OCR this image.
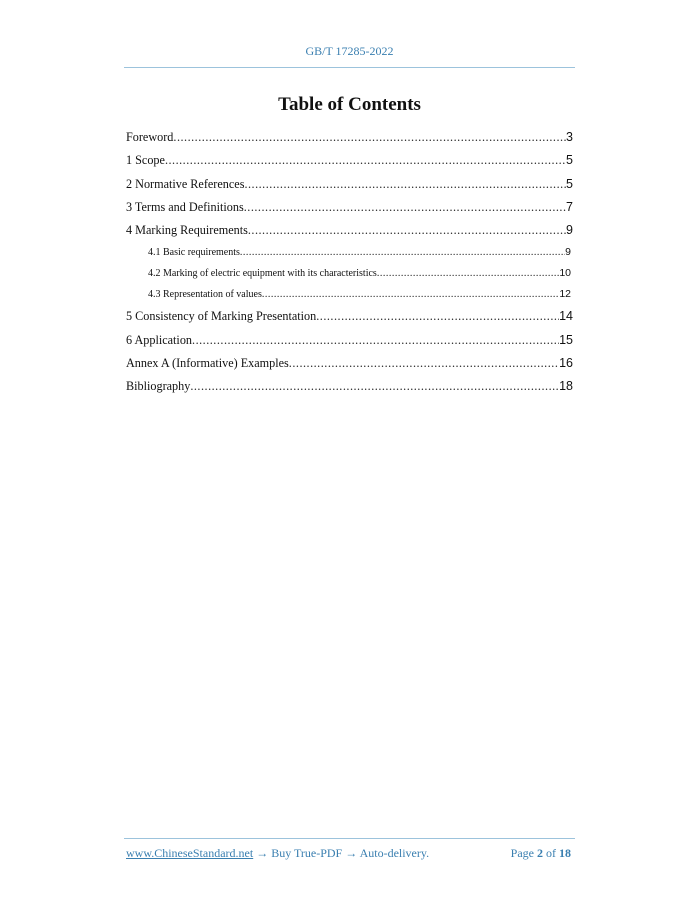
GB/T 17285-2022
Table of Contents
Foreword .....	3
1 Scope .....	5
2 Normative References .....	5
3 Terms and Definitions .....	7
4 Marking Requirements .....	9
4.1 Basic requirements .....	9
4.2 Marking of electric equipment with its characteristics .....	10
4.3 Representation of values .....	12
5 Consistency of Marking Presentation .....	14
6 Application .....	15
Annex A (Informative) Examples .....	16
Bibliography .....	18
www.ChineseStandard.net → Buy True-PDF → Auto-delivery.	Page 2 of 18
